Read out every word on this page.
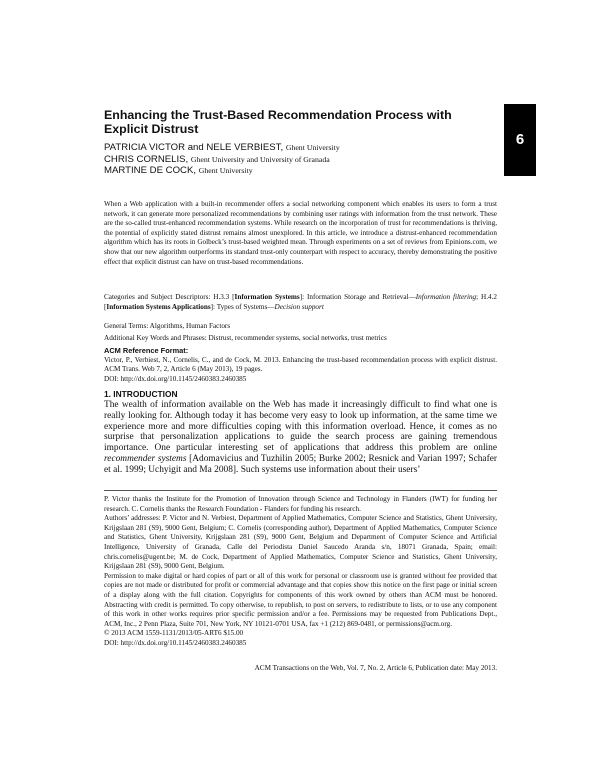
6
Enhancing the Trust-Based Recommendation Process with Explicit Distrust
PATRICIA VICTOR and NELE VERBIEST, Ghent University
CHRIS CORNELIS, Ghent University and University of Granada
MARTINE DE COCK, Ghent University

When a Web application with a built-in recommender offers a social networking component which enables its users to form a trust network, it can generate more personalized recommendations by combining user ratings with information from the trust network. These are the so-called trust-enhanced recommendation systems. While research on the incorporation of trust for recommendations is thriving, the potential of explicitly stated distrust remains almost unexplored. In this article, we introduce a distrust-enhanced recommendation algorithm which has its roots in Golbeck’s trust-based weighted mean. Through experiments on a set of reviews from Epinions.com, we show that our new algorithm outperforms its standard trust-only counterpart with respect to accuracy, thereby demonstrating the positive effect that explicit distrust can have on trust-based recommendations.

Categories and Subject Descriptors: H.3.3 [Information Systems]: Information Storage and Retrieval—Information filtering; H.4.2 [Information Systems Applications]: Types of Systems—Decision support

General Terms: Algorithms, Human Factors

Additional Key Words and Phrases: Distrust, recommender systems, social networks, trust metrics

ACM Reference Format:
Victor, P., Verbiest, N., Cornelis, C., and de Cock, M. 2013. Enhancing the trust-based recommendation process with explicit distrust. ACM Trans. Web 7, 2, Article 6 (May 2013), 19 pages.
DOI: http://dx.doi.org/10.1145/2460383.2460385
1. INTRODUCTION

The wealth of information available on the Web has made it increasingly difficult to find what one is really looking for. Although today it has become very easy to look up information, at the same time we experience more and more difficulties coping with this information overload. Hence, it comes as no surprise that personalization applications to guide the search process are gaining tremendous importance. One particular interesting set of applications that address this problem are online recommender systems [Adomavicius and Tuzhilin 2005; Burke 2002; Resnick and Varian 1997; Schafer et al. 1999; Uchyigit and Ma 2008]. Such systems use information about their users’

P. Victor thanks the Institute for the Promotion of Innovation through Science and Technology in Flanders (IWT) for funding her research. C. Cornelis thanks the Research Foundation - Flanders for funding his research.

Authors’ addresses: P. Victor and N. Verbiest, Department of Applied Mathematics, Computer Science and Statistics, Ghent University, Krijgslaan 281 (S9), 9000 Gent, Belgium; C. Cornelis (corresponding author), Department of Applied Mathematics, Computer Science and Statistics, Ghent University, Krijgslaan 281 (S9), 9000 Gent, Belgium and Department of Computer Science and Artificial Intelligence, University of Granada, Calle del Periodista Daniel Saucedo Aranda s/n, 18071 Granada, Spain; email: chris.cornelis@ugent.be; M. de Cock, Department of Applied Mathematics, Computer Science and Statistics, Ghent University, Krijgslaan 281 (S9), 9000 Gent, Belgium.

Permission to make digital or hard copies of part or all of this work for personal or classroom use is granted without fee provided that copies are not made or distributed for profit or commercial advantage and that copies show this notice on the first page or initial screen of a display along with the full citation. Copyrights for components of this work owned by others than ACM must be honored. Abstracting with credit is permitted. To copy otherwise, to republish, to post on servers, to redistribute to lists, or to use any component of this work in other works requires prior specific permission and/or a fee. Permissions may be requested from Publications Dept., ACM, Inc., 2 Penn Plaza, Suite 701, New York, NY 10121-0701 USA, fax +1 (212) 869-0481, or permissions@acm.org.

© 2013 ACM 1559-1131/2013/05-ART6 $15.00

DOI: http://dx.doi.org/10.1145/2460383.2460385

ACM Transactions on the Web, Vol. 7, No. 2, Article 6, Publication date: May 2013.
